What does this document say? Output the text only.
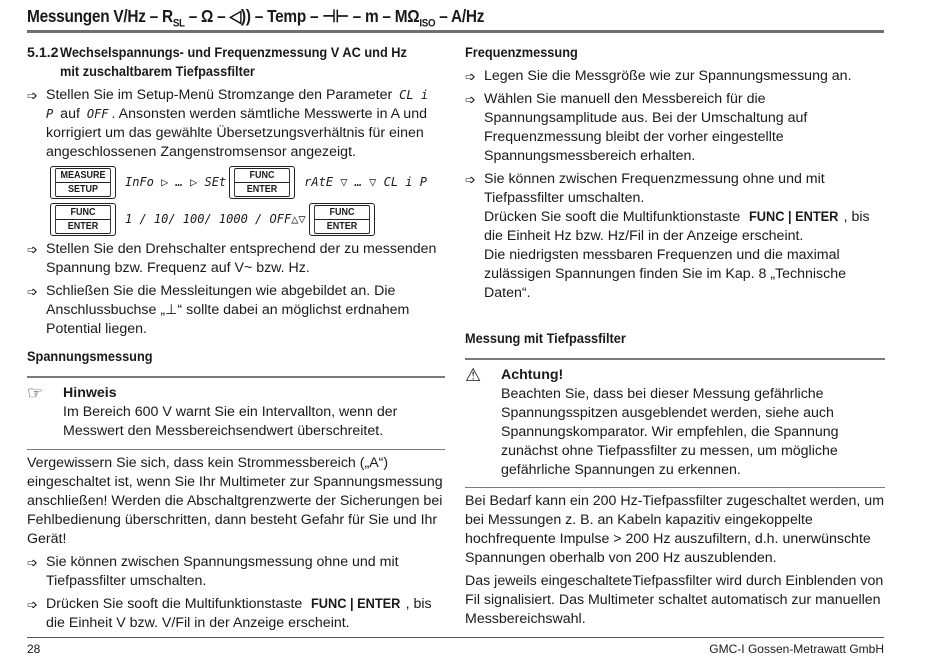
Messungen $V/Hz - R_{SL}$ – Ω – ◁)) – Temp – ⊣⊢ – m – $M\Omega_{ISO} - A/Hz$
5.1.2 Wechselspannungs- und Frequenzmessung V AC und Hz
mit zuschaltbarem Tiefpassfilter
➩ Stellen Sie im Setup-Menü Stromzange den Parameter CL i P auf OFF . Ansonsten werden sämtliche Messwerte in A und korrigiert um das gewählte Übersetzungsverhältnis für einen angeschlossenen Zangenstromsensor angezeigt.
MEASURE
SETUP
InFo ▷ … ▷ SEt	FUNC
ENTER
rAtE ▽ … ▽ CL i P
FUNC
ENTER
1 / 10/ 100/ 1000 / OFF△▽	FUNC
ENTER
➩ Stellen Sie den Drehschalter entsprechend der zu messenden Spannung bzw. Frequenz auf V~ bzw. Hz.
➩ Schließen Sie die Messleitungen wie abgebildet an. Die Anschlussbuchse „⊥“ sollte dabei an möglichst erdnahem Potential liegen.
Spannungsmessung
☞	Hinweis
Im Bereich 600 V warnt Sie ein Intervallton, wenn der Messwert den Messbereichsendwert überschreitet.
Vergewissern Sie sich, dass kein Strommessbereich („A“) eingeschaltet ist, wenn Sie Ihr Multimeter zur Spannungsmessung anschließen! Werden die Abschaltgrenzwerte der Sicherungen bei Fehlbedienung überschritten, dann besteht Gefahr für Sie und Ihr Gerät!
➩ Sie können zwischen Spannungsmessung ohne und mit Tiefpassfilter umschalten.
➩ Drücken Sie sooft die Multifunktionstaste FUNC | ENTER , bis die Einheit V bzw. V/Fil in der Anzeige erscheint.
Frequenzmessung
➩ Legen Sie die Messgröße wie zur Spannungsmessung an.
➩ Wählen Sie manuell den Messbereich für die Spannungsamplitude aus. Bei der Umschaltung auf Frequenzmessung bleibt der vorher eingestellte Spannungsmessbereich erhalten.
➩ Sie können zwischen Frequenzmessung ohne und mit Tiefpassfilter umschalten.
Drücken Sie sooft die Multifunktionstaste FUNC | ENTER , bis die Einheit Hz bzw. Hz/Fil in der Anzeige erscheint.
Die niedrigsten messbaren Frequenzen und die maximal zulässigen Spannungen finden Sie im Kap. 8 „Technische Daten“.
Messung mit Tiefpassfilter
⚠	Achtung!
Beachten Sie, dass bei dieser Messung gefährliche Spannungsspitzen ausgeblendet werden, siehe auch Spannungskomparator. Wir empfehlen, die Spannung zunächst ohne Tiefpassfilter zu messen, um mögliche gefährliche Spannungen zu erkennen.
Bei Bedarf kann ein 200 Hz-Tiefpassfilter zugeschaltet werden, um bei Messungen z. B. an Kabeln kapazitiv eingekoppelte hochfrequente Impulse > 200 Hz auszufiltern, d.h. unerwünschte Spannungen oberhalb von 200 Hz auszublenden.
Das jeweils eingeschalteteTiefpassfilter wird durch Einblenden von Fil signalisiert. Das Multimeter schaltet automatisch zur manuellen Messbereichswahl.
28	GMC-I Gossen-Metrawatt GmbH
